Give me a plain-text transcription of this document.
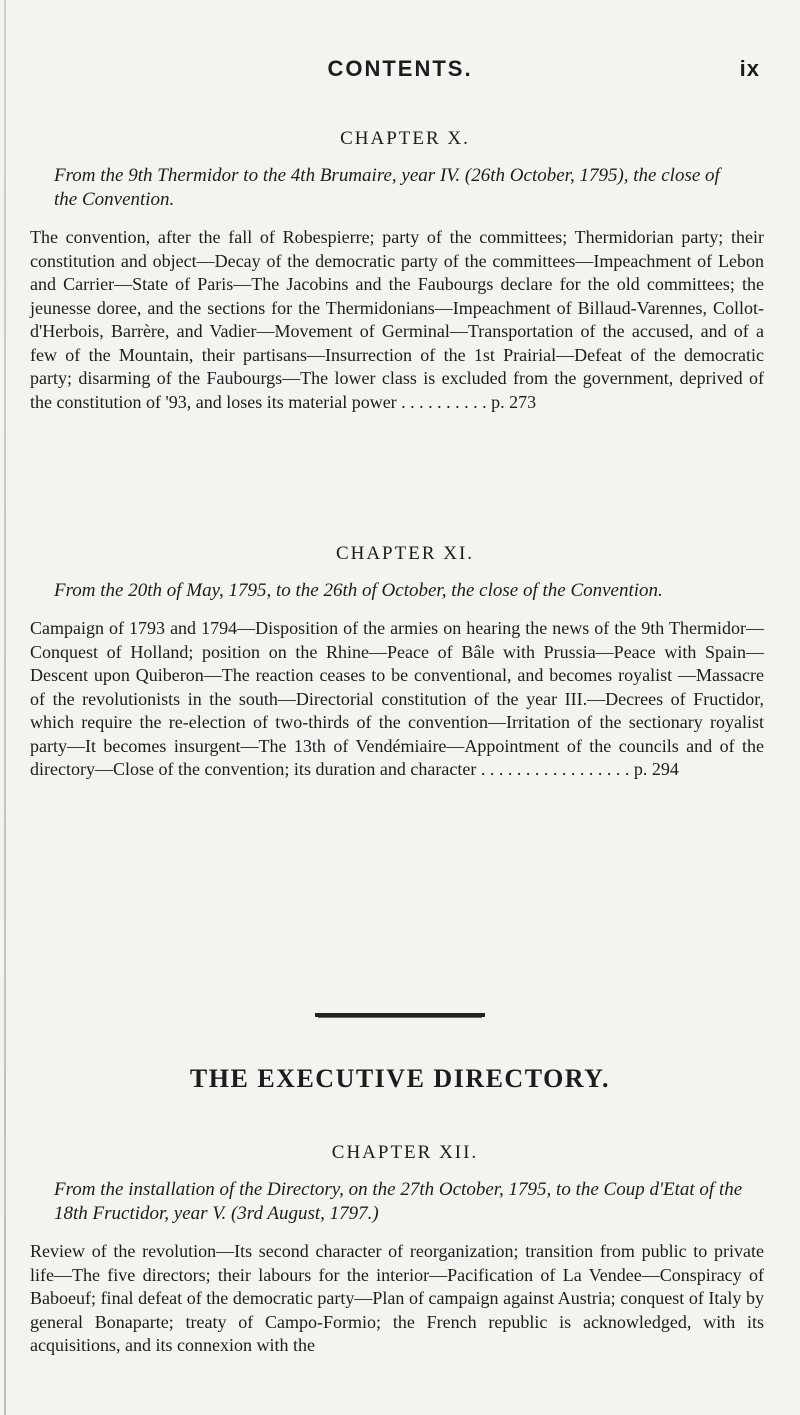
CONTENTS.	ix

CHAPTER X.

From the 9th Thermidor to the 4th Brumaire, year IV. (26th October, 1795), the close of the Convention.
The convention, after the fall of Robespierre; party of the committees; Thermidorian party; their constitution and object—Decay of the democratic party of the committees—Impeachment of Lebon and Carrier—State of Paris—The Jacobins and the Faubourgs declare for the old committees; the jeunesse doree, and the sections for the Thermidonians—Impeachment of Billaud-Varennes, Collot-d'Herbois, Barrère, and Vadier—Movement of Germinal—Transportation of the accused, and of a few of the Mountain, their partisans—Insurrection of the 1st Prairial—Defeat of the democratic party; disarming of the Faubourgs—The lower class is excluded from the government, deprived of the constitution of '93, and loses its material power . . . . . . . . . . p. 273

CHAPTER XI.

From the 20th of May, 1795, to the 26th of October, the close of the Convention.
Campaign of 1793 and 1794—Disposition of the armies on hearing the news of the 9th Thermidor—Conquest of Holland; position on the Rhine—Peace of Bâle with Prussia—Peace with Spain—Descent upon Quiberon—The reaction ceases to be conventional, and becomes royalist —Massacre of the revolutionists in the south—Directorial constitution of the year III.—Decrees of Fructidor, which require the re-election of two-thirds of the convention—Irritation of the sectionary royalist party—It becomes insurgent—The 13th of Vendémiaire—Appointment of the councils and of the directory—Close of the convention; its duration and character . . . . . . . . . . . . . . . . . p. 294
THE EXECUTIVE DIRECTORY.

CHAPTER XII.

From the installation of the Directory, on the 27th October, 1795, to the Coup d'Etat of the 18th Fructidor, year V. (3rd August, 1797.)
Review of the revolution—Its second character of reorganization; transition from public to private life—The five directors; their labours for the interior—Pacification of La Vendee—Conspiracy of Baboeuf; final defeat of the democratic party—Plan of campaign against Austria; conquest of Italy by general Bonaparte; treaty of Campo-Formio; the French republic is acknowledged, with its acquisitions, and its connexion with the
